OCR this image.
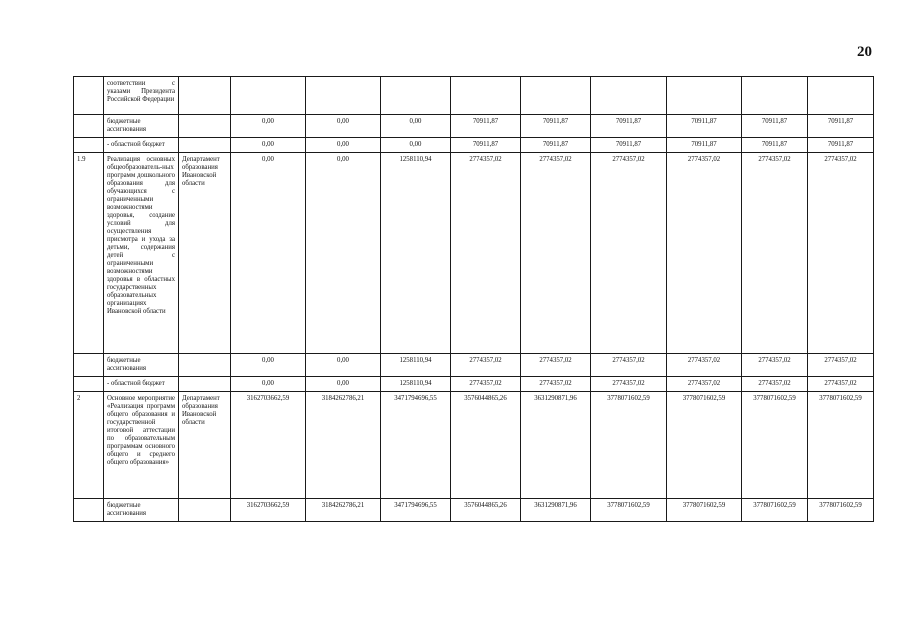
20
	соответствии с указами Президента Российской Федерации										
	бюджетные ассигнования		0,00	0,00	0,00	70911,87	70911,87	70911,87	70911,87	70911,87	70911,87
	- областной бюджет		0,00	0,00	0,00	70911,87	70911,87	70911,87	70911,87	70911,87	70911,87
1.9	Реализация основных общеобразователь-ных программ дошкольного образования для обучающихся с ограниченными возможностями здоровья, создание условий для осуществления присмотра и ухода за детьми, содержания детей с ограниченными возможностями здоровья в областных государственных образовательных организациях Ивановской области	Департамент образования Ивановской области	0,00	0,00	1258110,94	2774357,02	2774357,02	2774357,02	2774357,02	2774357,02	2774357,02
	бюджетные ассигнования		0,00	0,00	1258110,94	2774357,02	2774357,02	2774357,02	2774357,02	2774357,02	2774357,02
	- областной бюджет		0,00	0,00	1258110,94	2774357,02	2774357,02	2774357,02	2774357,02	2774357,02	2774357,02
2	Основное мероприятие «Реализация программ общего образования и государственной итоговой аттестации по образовательным программам основного общего и среднего общего образования»	Департамент образования Ивановской области	3162703662,59	3184262786,21	3471794696,55	3576044865,26	3631290871,96	3778071602,59	3778071602,59	3778071602,59	3778071602,59
	бюджетные ассигнования		3162703662,59	3184262786,21	3471794696,55	3576044865,26	3631290871,96	3778071602,59	3778071602,59	3778071602,59	3778071602,59
